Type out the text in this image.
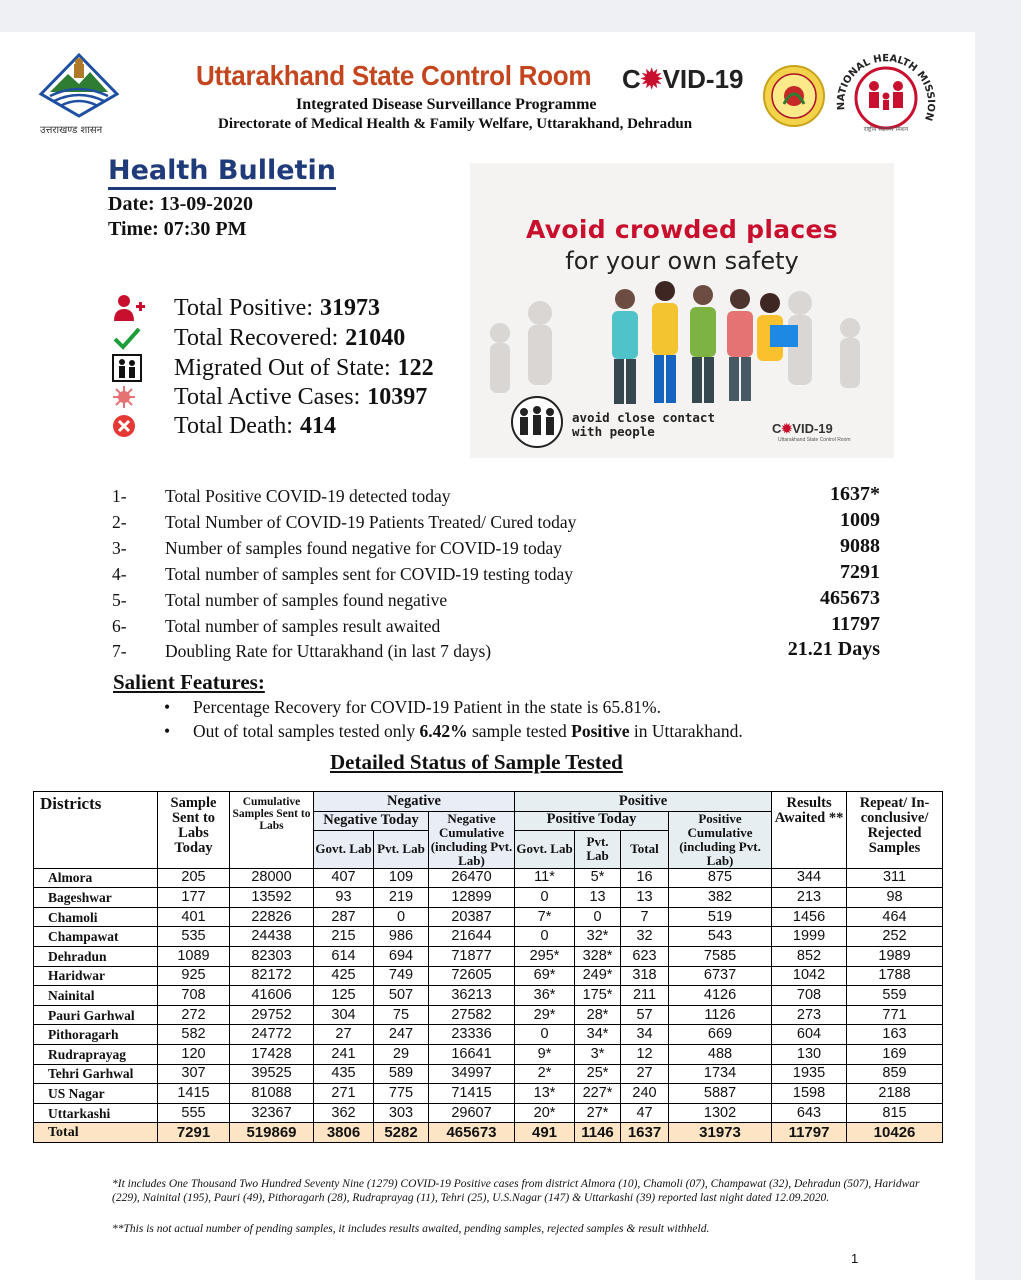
उत्तराखण्ड शासन
Uttarakhand State Control Room C✹VID-19
Integrated Disease Surveillance Programme
Directorate of Medical Health & Family Welfare, Uttarakhand, Dehradun
NATIONAL HEALTH MISSION
राष्ट्रीय स्वास्थ्य मिशन
Health Bulletin
Date: 13-09-2020
Time: 07:30 PM
Total Positive: 31973
Total Recovered: 21040
Migrated Out of State: 122
Total Active Cases: 10397
Total Death: 414
Avoid crowded places
for your own safety
avoid close contact
with people	C✹VID-19
Uttarakhand State Control Room
1- Total Positive COVID-19 detected today	1637*
2- Total Number of COVID-19 Patients Treated/ Cured today	1009
3- Number of samples found negative for COVID-19 today	9088
4- Total number of samples sent for COVID-19 testing today	7291
5- Total number of samples found negative	465673
6- Total number of samples result awaited	11797
7- Doubling Rate for Uttarakhand (in last 7 days)	21.21 Days
Salient Features:
• Percentage Recovery for COVID-19 Patient in the state is 65.81%.
• Out of total samples tested only 6.42% sample tested Positive in Uttarakhand.
Detailed Status of Sample Tested
Districts	Sample Sent to Labs Today	Cumulative Samples Sent to Labs	Negative			Positive				Results Awaited **	Repeat/ In-conclusive/ Rejected Samples
			Negative Today		Negative Cumulative (including Pvt. Lab)	Positive Today			Positive Cumulative (including Pvt. Lab)		
			Govt. Lab	Pvt. Lab		Govt. Lab	Pvt. Lab	Total			

Almora	205	28000	407	109	26470	11*	5*	16	875	344	311
Bageshwar	177	13592	93	219	12899	0	13	13	382	213	98
Chamoli	401	22826	287	0	20387	7*	0	7	519	1456	464
Champawat	535	24438	215	986	21644	0	32*	32	543	1999	252
Dehradun	1089	82303	614	694	71877	295*	328*	623	7585	852	1989
Haridwar	925	82172	425	749	72605	69*	249*	318	6737	1042	1788
Nainital	708	41606	125	507	36213	36*	175*	211	4126	708	559
Pauri Garhwal	272	29752	304	75	27582	29*	28*	57	1126	273	771
Pithoragarh	582	24772	27	247	23336	0	34*	34	669	604	163
Rudraprayag	120	17428	241	29	16641	9*	3*	12	488	130	169
Tehri Garhwal	307	39525	435	589	34997	2*	25*	27	1734	1935	859
US Nagar	1415	81088	271	775	71415	13*	227*	240	5887	1598	2188
Uttarkashi	555	32367	362	303	29607	20*	27*	47	1302	643	815
Total	7291	519869	3806	5282	465673	491	1146	1637	31973	11797	10426
*It includes One Thousand Two Hundred Seventy Nine (1279) COVID-19 Positive cases from district Almora (10), Chamoli (07), Champawat (32), Dehradun (507), Haridwar (229), Nainital (195), Pauri (49), Pithoragarh (28), Rudraprayag (11), Tehri (25), U.S.Nagar (147) & Uttarkashi (39) reported last night dated 12.09.2020.
**This is not actual number of pending samples, it includes results awaited, pending samples, rejected samples & result withheld.
1
